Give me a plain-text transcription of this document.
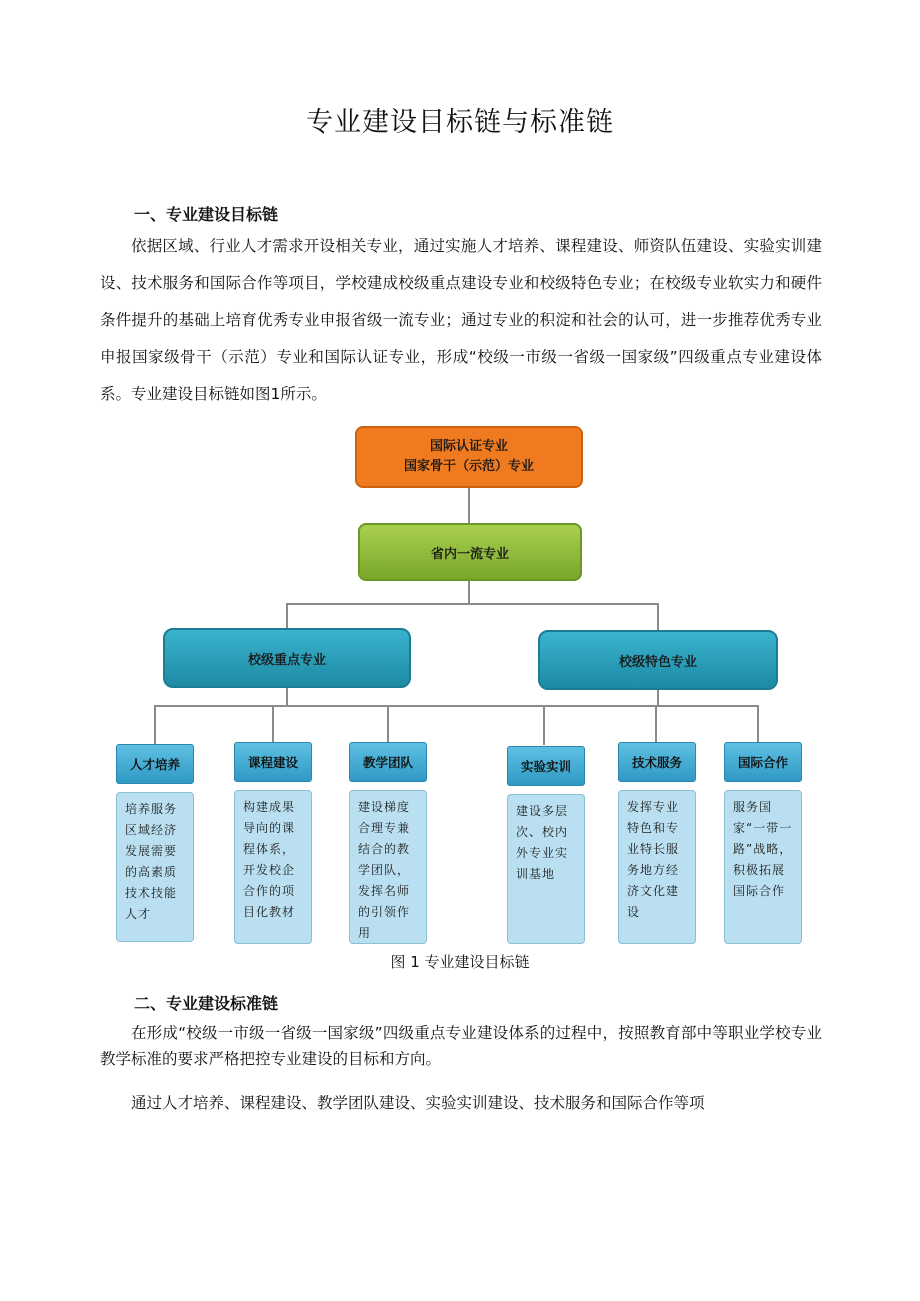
专业建设目标链与标准链
一、专业建设目标链
依据区域、行业人才需求开设相关专业，通过实施人才培养、课程建设、师资队伍建设、实验实训建设、技术服务和国际合作等项目，学校建成校级重点建设专业和校级特色专业；在校级专业软实力和硬件条件提升的基础上培育优秀专业申报省级一流专业；通过专业的积淀和社会的认可，进一步推荐优秀专业申报国家级骨干（示范）专业和国际认证专业，形成“校级一市级一省级一国家级”四级重点专业建设体系。专业建设目标链如图1所示。
国际认证专业
国家骨干（示范）专业
省内一流专业
校级重点专业	校级特色专业
人才培养
培养服务区域经济发展需要的高素质技术技能人才
课程建设
构建成果导向的课程体系，开发校企合作的项目化教材
教学团队
建设梯度合理专兼结合的教学团队，发挥名师的引领作用
实验实训
建设多层次、校内外专业实训基地
技术服务
发挥专业特色和专业特长服务地方经济文化建设
国际合作
服务国家“一带一路”战略，积极拓展国际合作
图 1 专业建设目标链
二、专业建设标准链
在形成“校级一市级一省级一国家级”四级重点专业建设体系的过程中，按照教育部中等职业学校专业教学标准的要求严格把控专业建设的目标和方向。
通过人才培养、课程建设、教学团队建设、实验实训建设、技术服务和国际合作等项
